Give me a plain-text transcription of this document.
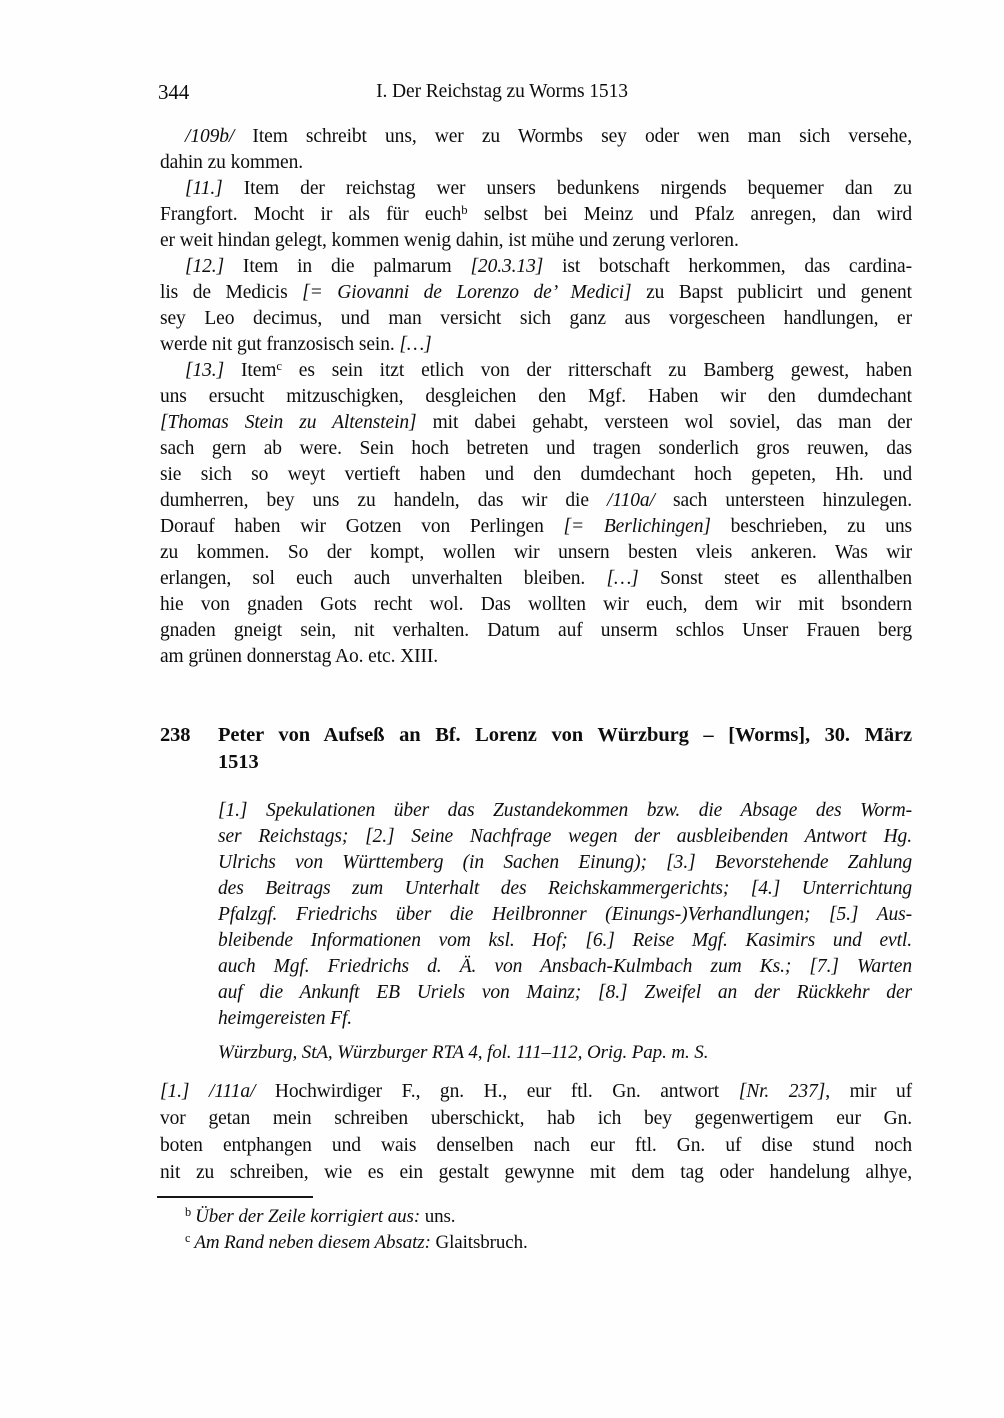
I. Der Reichstag zu Worms 1513
344
/109b/ Item schreibt uns, wer zu Wormbs sey oder wen man sich versehe,
dahin zu kommen.
[11.] Item der reichstag wer unsers bedunkens nirgends bequemer dan zu
Frangfort. Mocht ir als für euch$^b$ selbst bei Meinz und Pfalz anregen, dan wird
er weit hindan gelegt, kommen wenig dahin, ist mühe und zerung verloren.
[12.] Item in die palmarum [20.3.13] ist botschaft herkommen, das cardina-
lis de Medicis [= Giovanni de Lorenzo de’ Medici] zu Bapst publicirt und genent
sey Leo decimus, und man versicht sich ganz aus vorgescheen handlungen, er
werde nit gut franzosisch sein. […]
[13.] Item$^c$ es sein itzt etlich von der ritterschaft zu Bamberg gewest, haben
uns ersucht mitzuschigken, desgleichen den Mgf. Haben wir den dumdechant
[Thomas Stein zu Altenstein] mit dabei gehabt, versteen wol soviel, das man der
sach gern ab were. Sein hoch betreten und tragen sonderlich gros reuwen, das
sie sich so weyt vertieft haben und den dumdechant hoch gepeten, Hh. und
dumherren, bey uns zu handeln, das wir die /110a/ sach untersteen hinzulegen.
Dorauf haben wir Gotzen von Perlingen [= Berlichingen] beschrieben, zu uns
zu kommen. So der kompt, wollen wir unsern besten vleis ankeren. Was wir
erlangen, sol euch auch unverhalten bleiben. […] Sonst steet es allenthalben
hie von gnaden Gots recht wol. Das wollten wir euch, dem wir mit bsondern
gnaden gneigt sein, nit verhalten. Datum auf unserm schlos Unser Frauen berg
am grünen donnerstag Ao. etc. XIII.
238 Peter von Aufseß an Bf. Lorenz von Würzburg – [Worms], 30. März
1513
[1.] Spekulationen über das Zustandekommen bzw. die Absage des Worm-
ser Reichstags; [2.] Seine Nachfrage wegen der ausbleibenden Antwort Hg.
Ulrichs von Württemberg (in Sachen Einung); [3.] Bevorstehende Zahlung
des Beitrags zum Unterhalt des Reichskammergerichts; [4.] Unterrichtung
Pfalzgf. Friedrichs über die Heilbronner (Einungs-)Verhandlungen; [5.] Aus-
bleibende Informationen vom ksl. Hof; [6.] Reise Mgf. Kasimirs und evtl.
auch Mgf. Friedrichs d. Ä. von Ansbach-Kulmbach zum Ks.; [7.] Warten
auf die Ankunft EB Uriels von Mainz; [8.] Zweifel an der Rückkehr der
heimgereisten Ff.
Würzburg, StA, Würzburger RTA 4, fol. 111–112, Orig. Pap. m. S.
[1.] /111a/ Hochwirdiger F., gn. H., eur ftl. Gn. antwort [Nr. 237], mir uf
vor getan mein schreiben uberschickt, hab ich bey gegenwertigem eur Gn.
boten entphangen und wais denselben nach eur ftl. Gn. uf dise stund noch
nit zu schreiben, wie es ein gestalt gewynne mit dem tag oder handelung alhye,
$^b$ Über der Zeile korrigiert aus: uns.
$^c$ Am Rand neben diesem Absatz: Glaitsbruch.
